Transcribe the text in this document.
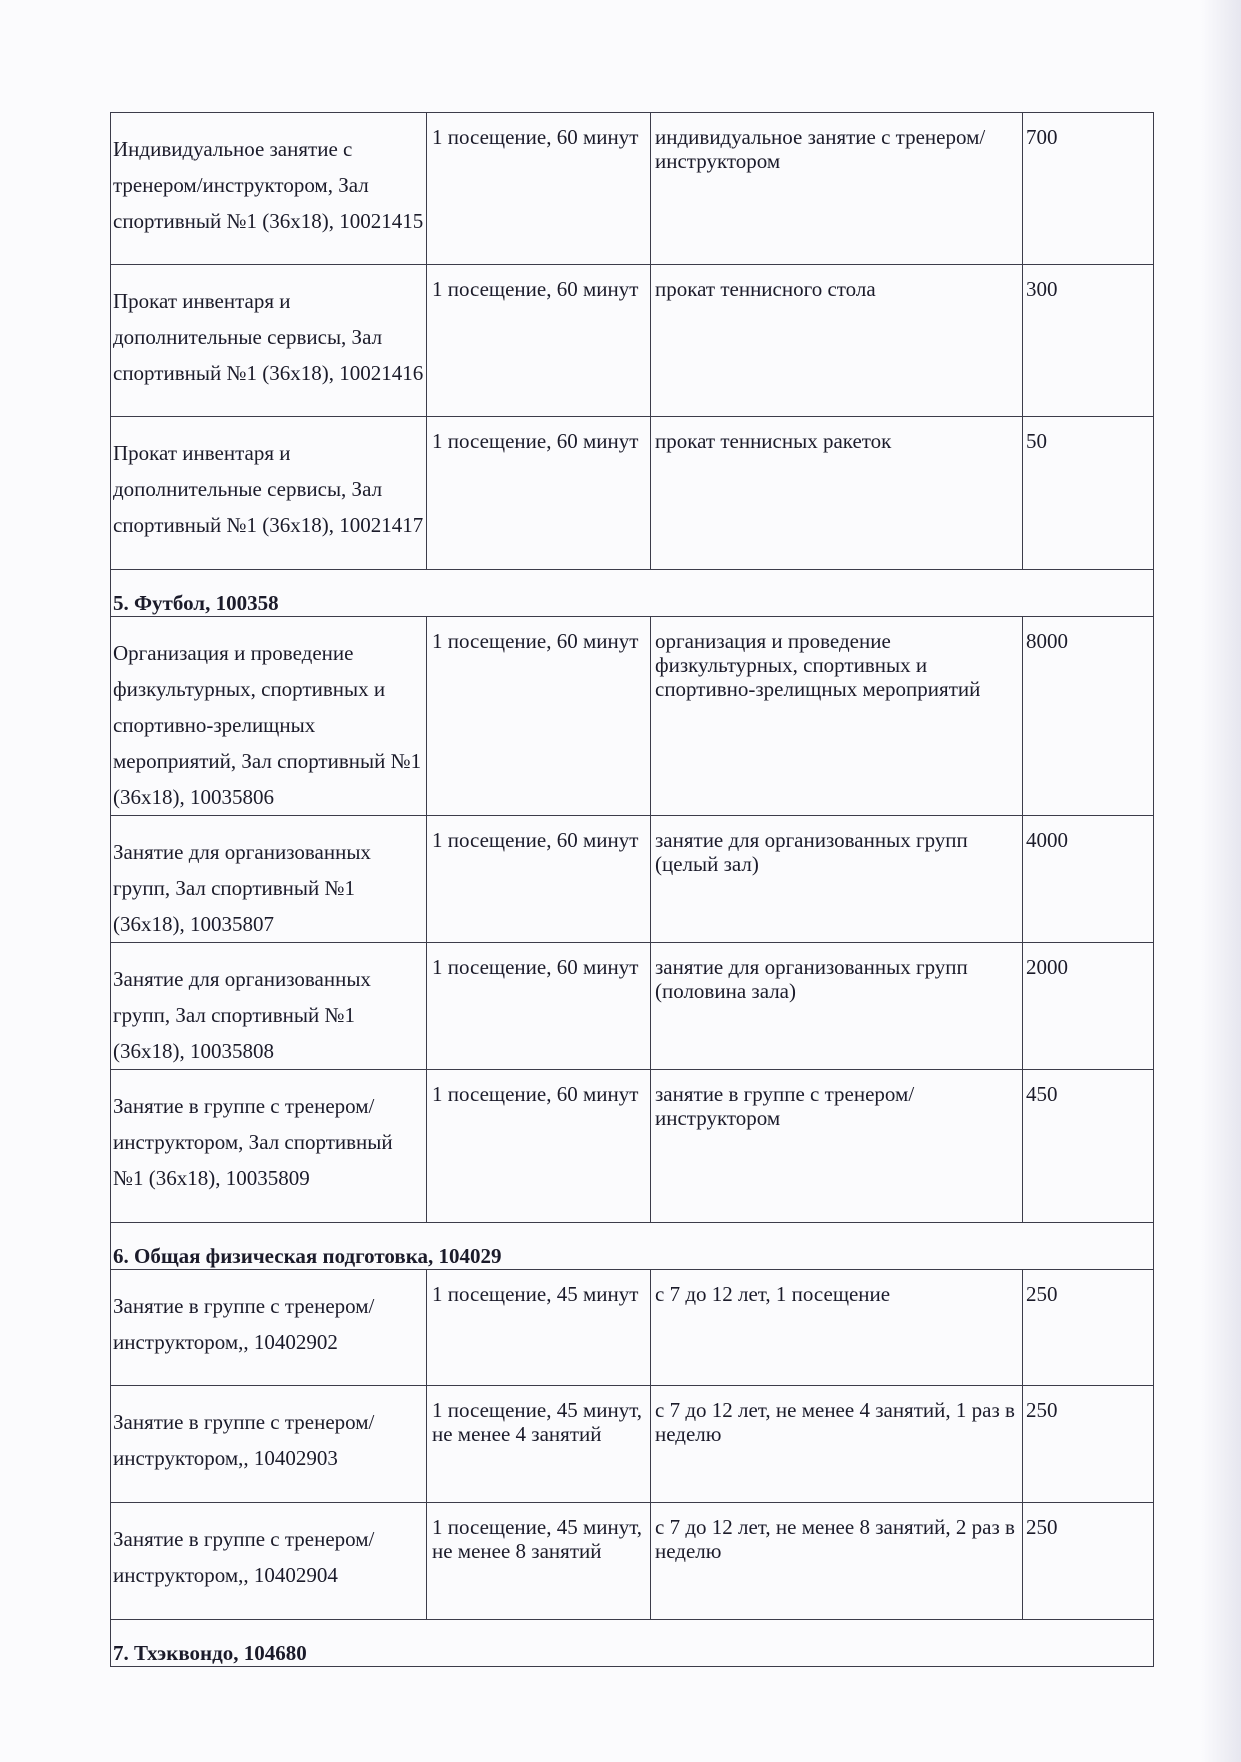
Индивидуальное занятие с тренером/инструктором, Зал спортивный №1 (36х18), 10021415	1 посещение, 60 минут	индивидуальное занятие с тренером/инструктором	700
Прокат инвентаря и дополнительные сервисы, Зал спортивный №1 (36х18), 10021416	1 посещение, 60 минут	прокат теннисного стола	300
Прокат инвентаря и дополнительные сервисы, Зал спортивный №1 (36х18), 10021417	1 посещение, 60 минут	прокат теннисных ракеток	50
5. Футбол, 100358			
Организация и проведение физкультурных, спортивных и спортивно-зрелищных мероприятий, Зал спортивный №1 (36х18), 10035806	1 посещение, 60 минут	организация и проведение физкультурных, спортивных и спортивно-зрелищных мероприятий	8000
Занятие для организованных групп, Зал спортивный №1 (36х18), 10035807	1 посещение, 60 минут	занятие для организованных групп (целый зал)	4000
Занятие для организованных групп, Зал спортивный №1 (36х18), 10035808	1 посещение, 60 минут	занятие для организованных групп (половина зала)	2000
Занятие в группе с тренером/инструктором, Зал спортивный №1 (36х18), 10035809	1 посещение, 60 минут	занятие в группе с тренером/инструктором	450
6. Общая физическая подготовка, 104029			
Занятие в группе с тренером/инструктором,, 10402902	1 посещение, 45 минут	с 7 до 12 лет, 1 посещение	250
Занятие в группе с тренером/инструктором,, 10402903	1 посещение, 45 минут, не менее 4 занятий	с 7 до 12 лет, не менее 4 занятий, 1 раз в неделю	250
Занятие в группе с тренером/инструктором,, 10402904	1 посещение, 45 минут, не менее 8 занятий	с 7 до 12 лет, не менее 8 занятий, 2 раз в неделю	250
7. Тхэквондо, 104680			
